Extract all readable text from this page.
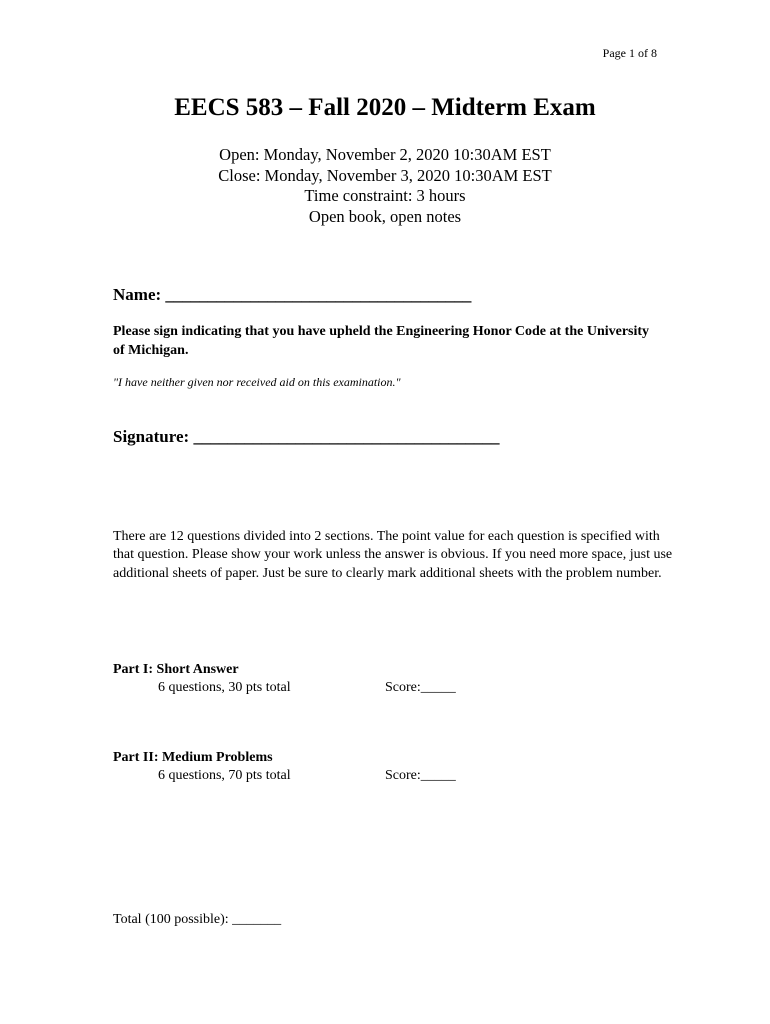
Page 1 of 8
EECS 583 – Fall 2020 – Midterm Exam
Open: Monday, November 2, 2020 10:30AM EST
Close: Monday, November 3, 2020 10:30AM EST
Time constraint: 3 hours
Open book, open notes
Name: ____________________________________
Please sign indicating that you have upheld the Engineering Honor Code at the University of Michigan.
"I have neither given nor received aid on this examination."
Signature: ____________________________________
There are 12 questions divided into 2 sections. The point value for each question is specified with that question. Please show your work unless the answer is obvious. If you need more space, just use additional sheets of paper. Just be sure to clearly mark additional sheets with the problem number.
Part I: Short Answer
6 questions, 30 pts total	Score:_____
Part II: Medium Problems
6 questions, 70 pts total	Score:_____
Total (100 possible): _______
